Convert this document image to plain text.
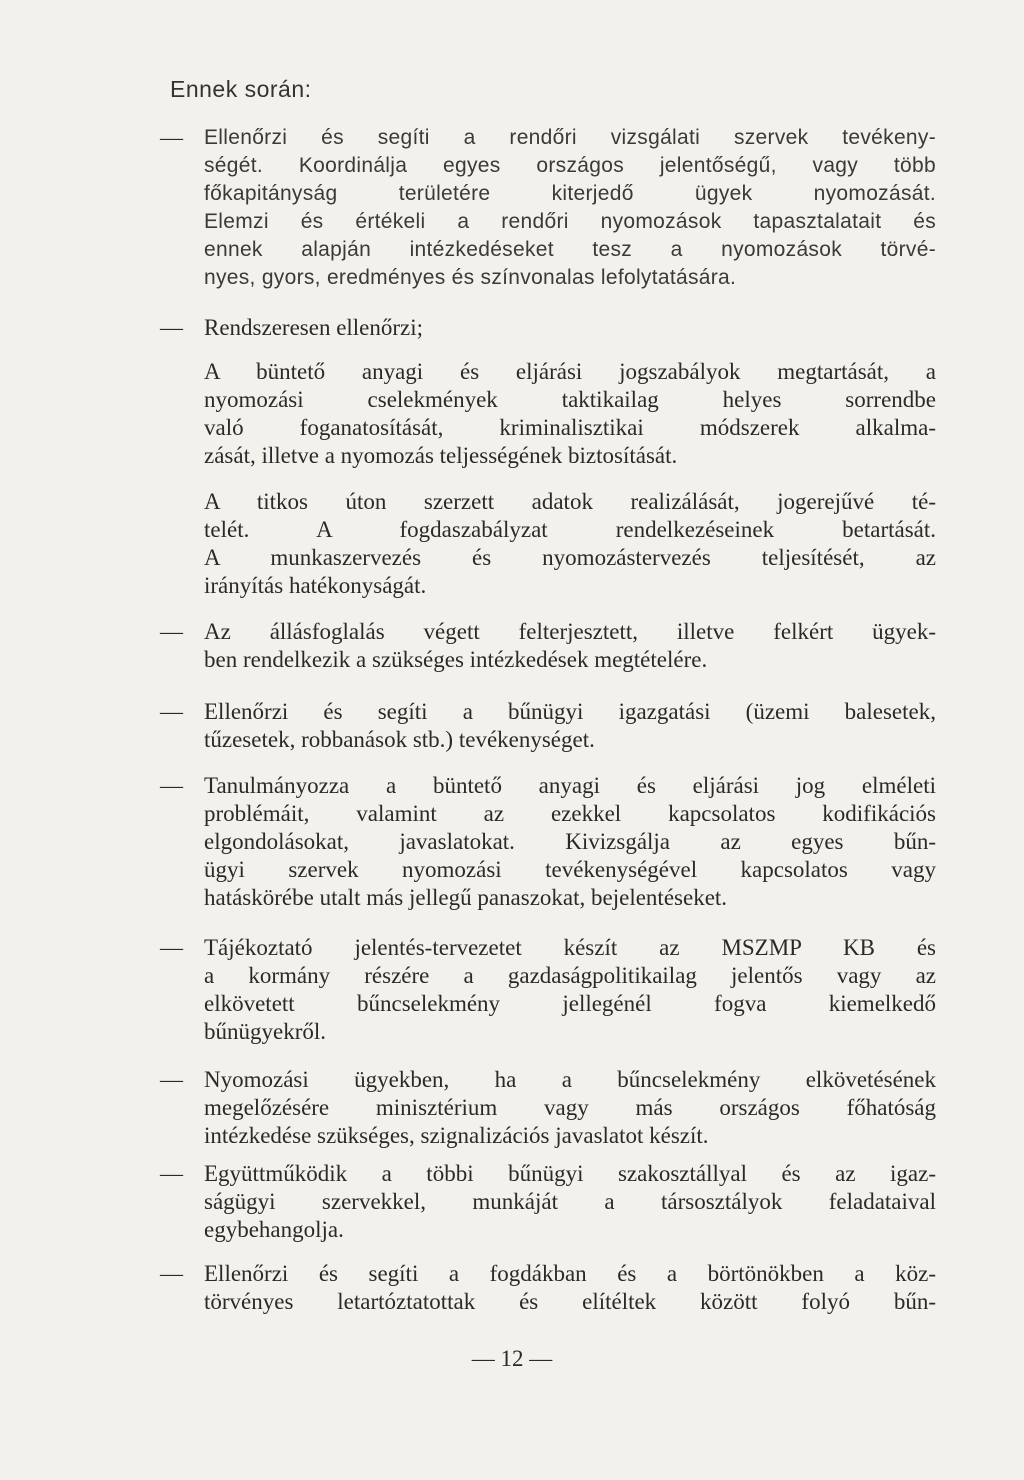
Ennek során:
— Ellenőrzi és segíti a rendőri vizsgálati szervek tevékeny-
ségét. Koordinálja egyes országos jelentőségű, vagy több
főkapitányság területére kiterjedő ügyek nyomozását.
Elemzi és értékeli a rendőri nyomozások tapasztalatait és
ennek alapján intézkedéseket tesz a nyomozások törvé-
nyes, gyors, eredményes és színvonalas lefolytatására.
— Rendszeresen ellenőrzi;
A büntető anyagi és eljárási jogszabályok megtartását, a
nyomozási cselekmények taktikailag helyes sorrendbe
való foganatosítását, kriminalisztikai módszerek alkalma-
zását, illetve a nyomozás teljességének biztosítását.
A titkos úton szerzett adatok realizálását, jogerejűvé té-
telét. A fogdaszabályzat rendelkezéseinek betartását.
A munkaszervezés és nyomozástervezés teljesítését, az
irányítás hatékonyságát.
— Az állásfoglalás végett felterjesztett, illetve felkért ügyek-
ben rendelkezik a szükséges intézkedések megtételére.
— Ellenőrzi és segíti a bűnügyi igazgatási (üzemi balesetek,
tűzesetek, robbanások stb.) tevékenységet.
— Tanulmányozza a büntető anyagi és eljárási jog elméleti
problémáit, valamint az ezekkel kapcsolatos kodifikációs
elgondolásokat, javaslatokat. Kivizsgálja az egyes bűn-
ügyi szervek nyomozási tevékenységével kapcsolatos vagy
hatáskörébe utalt más jellegű panaszokat, bejelentéseket.
— Tájékoztató jelentés-tervezetet készít az MSZMP KB és
a kormány részére a gazdaságpolitikailag jelentős vagy az
elkövetett bűncselekmény jellegénél fogva kiemelkedő
bűnügyekről.
— Nyomozási ügyekben, ha a bűncselekmény elkövetésének
megelőzésére minisztérium vagy más országos főhatóság
intézkedése szükséges, szignalizációs javaslatot készít.
— Együttműködik a többi bűnügyi szakosztállyal és az igaz-
ságügyi szervekkel, munkáját a társosztályok feladataival
egybehangolja.
— Ellenőrzi és segíti a fogdákban és a börtönökben a köz-
törvényes letartóztatottak és elítéltek között folyó bűn-
— 12 —
